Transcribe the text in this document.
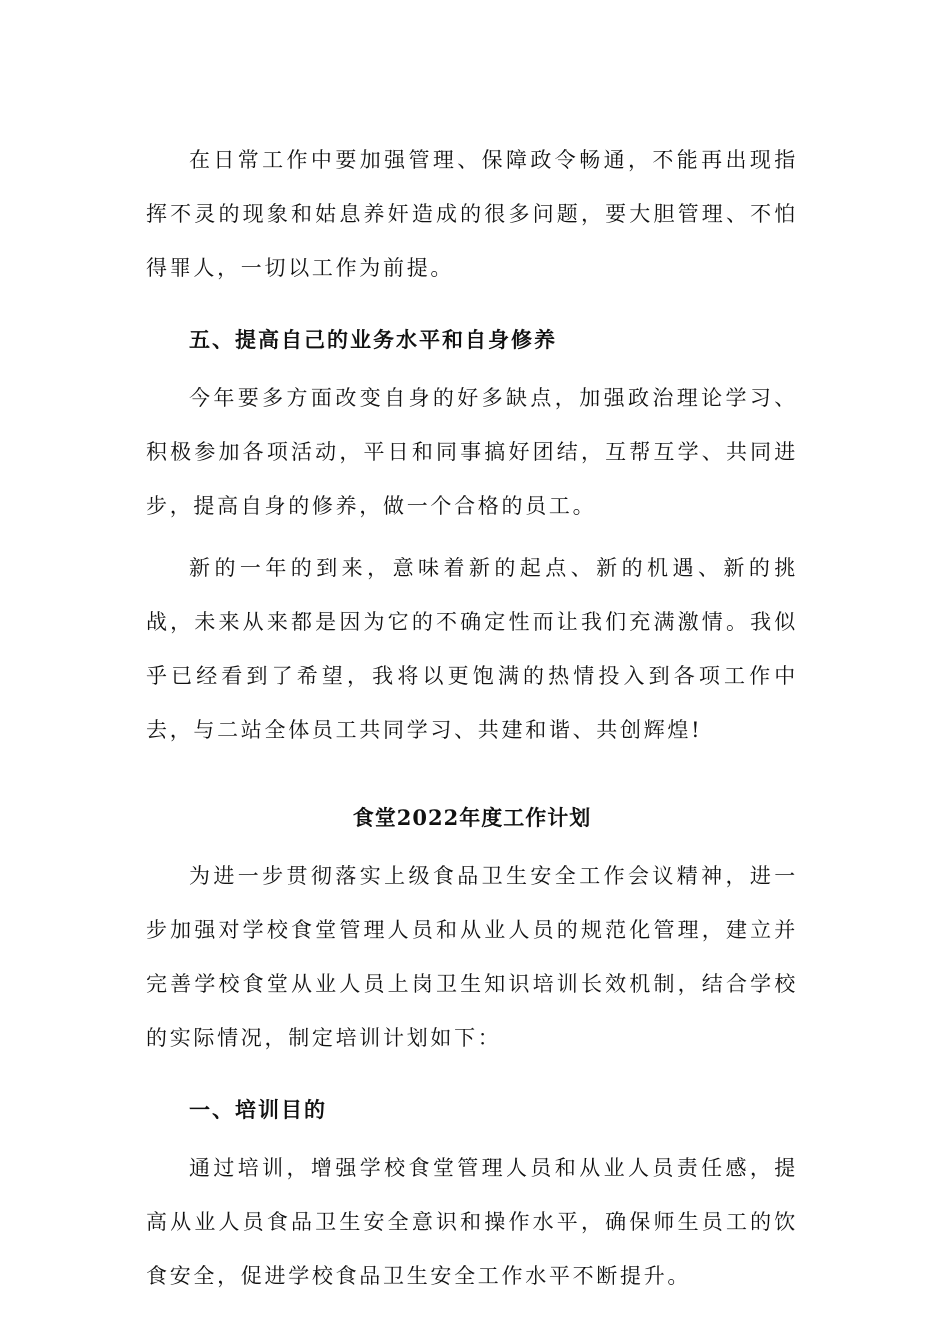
在日常工作中要加强管理、保障政令畅通，不能再出现指挥不灵的现象和姑息养奸造成的很多问题，要大胆管理、不怕得罪人，一切以工作为前提。

五、提高自己的业务水平和自身修养

今年要多方面改变自身的好多缺点，加强政治理论学习、积极参加各项活动，平日和同事搞好团结，互帮互学、共同进步，提高自身的修养，做一个合格的员工。

新的一年的到来，意味着新的起点、新的机遇、新的挑战，未来从来都是因为它的不确定性而让我们充满激情。我似乎已经看到了希望，我将以更饱满的热情投入到各项工作中去，与二站全体员工共同学习、共建和谐、共创辉煌!

食堂2022年度工作计划

为进一步贯彻落实上级食品卫生安全工作会议精神，进一步加强对学校食堂管理人员和从业人员的规范化管理，建立并完善学校食堂从业人员上岗卫生知识培训长效机制，结合学校的实际情况，制定培训计划如下：

一、培训目的

通过培训，增强学校食堂管理人员和从业人员责任感，提高从业人员食品卫生安全意识和操作水平，确保师生员工的饮食安全，促进学校食品卫生安全工作水平不断提升。
